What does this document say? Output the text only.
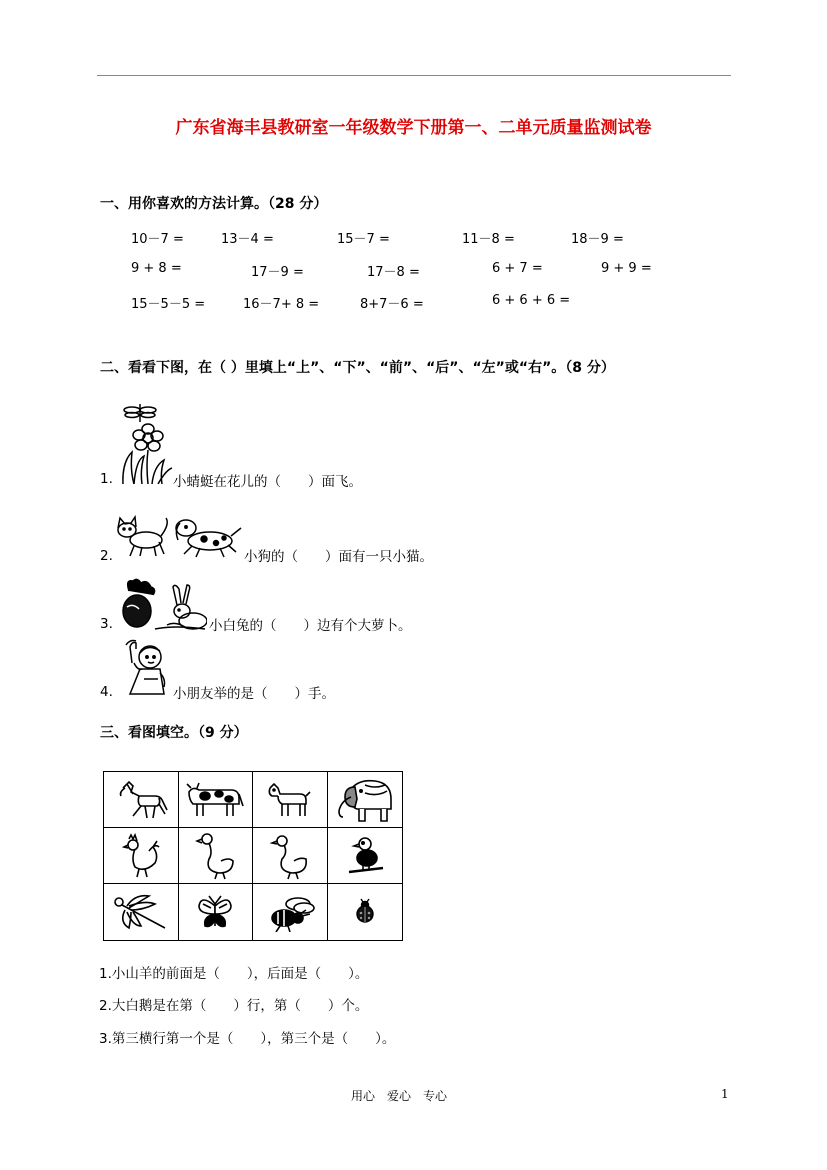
广东省海丰县教研室一年级数学下册第一、二单元质量监测试卷
一、用你喜欢的方法计算。（28 分）
10－7 =	13－4 =	15－7 =	11－8 =	18－9 =
9 + 8 =	17－9 =	17－8 =	6 + 7 =	9 + 9 =
15－5－5 =	16－7+ 8 =	8+7－6 =	6 + 6 + 6 =
二、看看下图，在（ ）里填上“上”、“下”、“前”、“后”、“左”或“右”。（8 分）
1.	小蜻蜓在花儿的（　　）面飞。
2.	小狗的（　　）面有一只小猫。
3.	小白兔的（　　）边有个大萝卜。
4.	小朋友举的是（　　）手。
三、看图填空。（9 分）
1.小山羊的前面是（　　），后面是（　　）。
2.大白鹅是在第（　　）行，第（　　）个。
3.第三横行第一个是（　　），第三个是（　　）。
用心　爱心　专心	1
